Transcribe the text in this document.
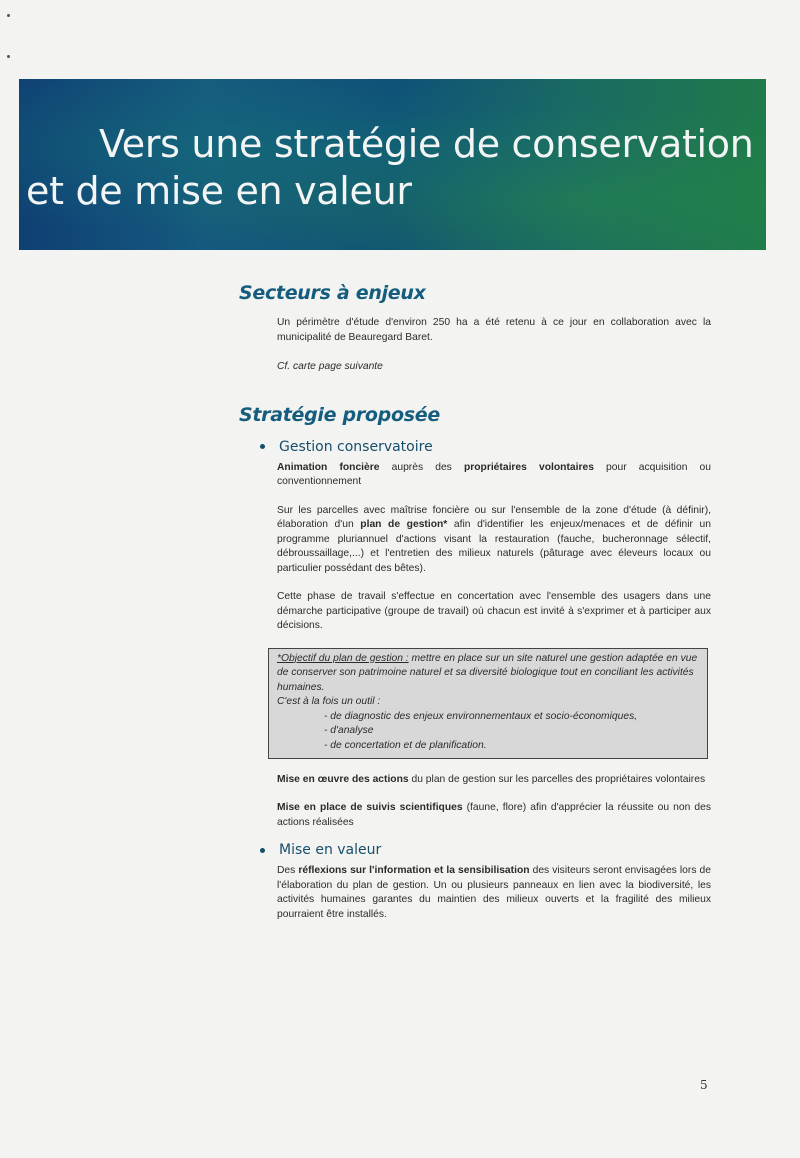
Vers une stratégie de conservation
et de mise en valeur
Secteurs à enjeux

Un périmètre d'étude d'environ 250 ha a été retenu à ce jour en collaboration avec la municipalité de Beauregard Baret.

Cf. carte page suivante

Stratégie proposée
Gestion conservatoire

Animation foncière auprès des propriétaires volontaires pour acquisition ou conventionnement

Sur les parcelles avec maîtrise foncière ou sur l'ensemble de la zone d'étude (à définir), élaboration d'un plan de gestion* afin d'identifier les enjeux/menaces et de définir un programme pluriannuel d'actions visant la restauration (fauche, bucheronnage sélectif, débroussaillage,...) et l'entretien des milieux naturels (pâturage avec éleveurs locaux ou particulier possédant des bêtes).

Cette phase de travail s'effectue en concertation avec l'ensemble des usagers dans une démarche participative (groupe de travail) où chacun est invité à s'exprimer et à participer aux décisions.

*Objectif du plan de gestion : mettre en place sur un site naturel une gestion adaptée en vue de conserver son patrimoine naturel et sa diversité biologique tout en conciliant les activités humaines.
C'est à la fois un outil :
- de diagnostic des enjeux environnementaux et socio-économiques,
- d'analyse
- de concertation et de planification.

Mise en œuvre des actions du plan de gestion sur les parcelles des propriétaires volontaires

Mise en place de suivis scientifiques (faune, flore) afin d'apprécier la réussite ou non des actions réalisées

Mise en valeur

Des réflexions sur l'information et la sensibilisation des visiteurs seront envisagées lors de l'élaboration du plan de gestion. Un ou plusieurs panneaux en lien avec la biodiversité, les activités humaines garantes du maintien des milieux ouverts et la fragilité des milieux pourraient être installés.

5
